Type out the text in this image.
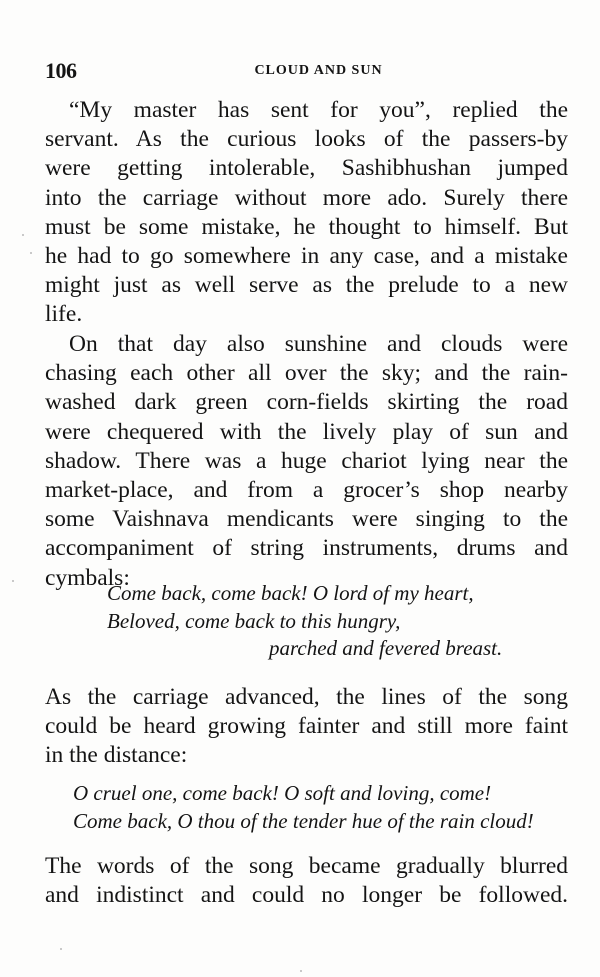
106	CLOUD AND SUN
“My master has sent for you”, replied the
servant. As the curious looks of the passers-by
were getting intolerable, Sashibhushan jumped
into the carriage without more ado. Surely there
must be some mistake, he thought to himself. But
he had to go somewhere in any case, and a mistake
might just as well serve as the prelude to a new
life.
On that day also sunshine and clouds were
chasing each other all over the sky; and the rain-
washed dark green corn-fields skirting the road
were chequered with the lively play of sun and
shadow. There was a huge chariot lying near the
market-place, and from a grocer’s shop nearby
some Vaishnava mendicants were singing to the
accompaniment of string instruments, drums and
cymbals:
Come back, come back! O lord of my heart,
Beloved, come back to this hungry,
parched and fevered breast.
As the carriage advanced, the lines of the song
could be heard growing fainter and still more faint
in the distance:
O cruel one, come back! O soft and loving, come!
Come back, O thou of the tender hue of the rain cloud!
The words of the song became gradually blurred
and indistinct and could no longer be followed.
